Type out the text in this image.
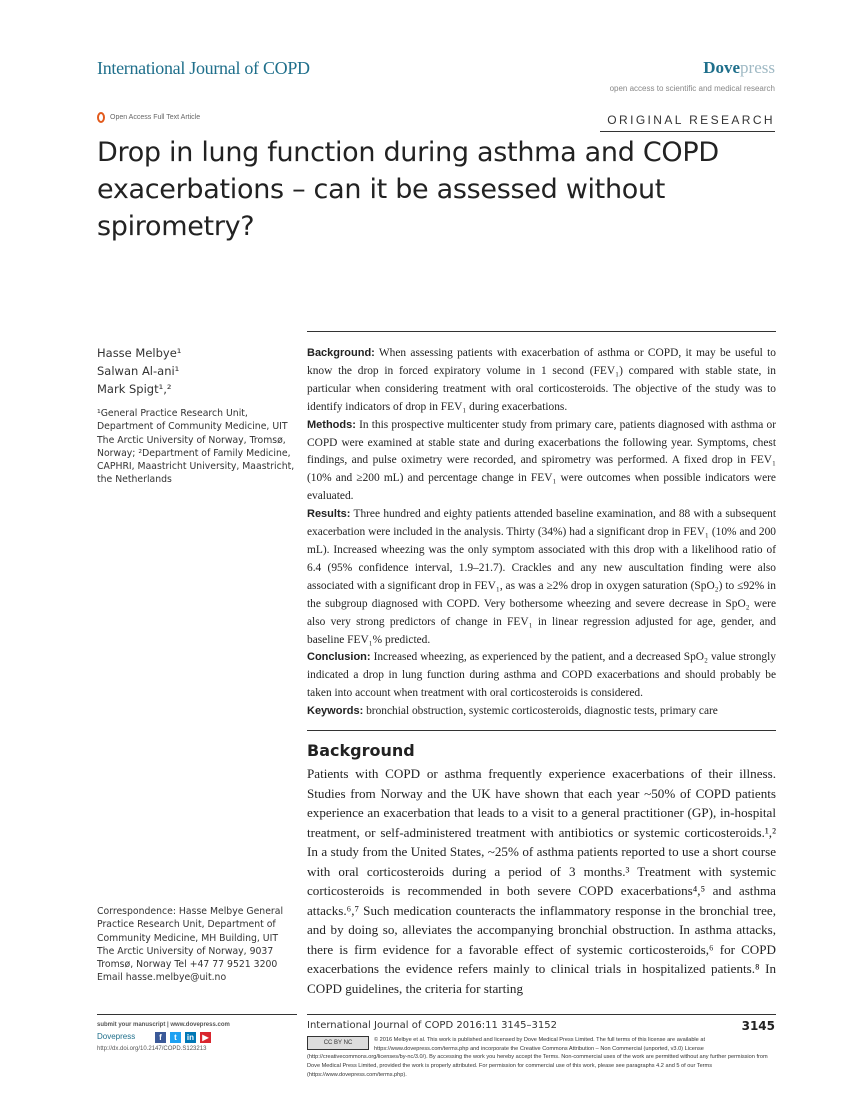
International Journal of COPD	Dovepress
open access to scientific and medical research
Open Access Full Text Article	ORIGINAL RESEARCH
Drop in lung function during asthma and COPD exacerbations – can it be assessed without spirometry?
Hasse Melbye¹
Salwan Al-ani¹
Mark Spigt¹,²
¹General Practice Research Unit, Department of Community Medicine, UIT The Arctic University of Norway, Tromsø, Norway; ²Department of Family Medicine, CAPHRI, Maastricht University, Maastricht, the Netherlands

Background: When assessing patients with exacerbation of asthma or COPD, it may be useful to know the drop in forced expiratory volume in 1 second (FEV₁) compared with stable state, in particular when considering treatment with oral corticosteroids. The objective of the study was to identify indicators of drop in FEV₁ during exacerbations.

Methods: In this prospective multicenter study from primary care, patients diagnosed with asthma or COPD were examined at stable state and during exacerbations the following year. Symptoms, chest findings, and pulse oximetry were recorded, and spirometry was performed. A fixed drop in FEV₁ (10% and ≥200 mL) and percentage change in FEV₁ were outcomes when possible indicators were evaluated.

Results: Three hundred and eighty patients attended baseline examination, and 88 with a subsequent exacerbation were included in the analysis. Thirty (34%) had a significant drop in FEV₁ (10% and 200 mL). Increased wheezing was the only symptom associated with this drop with a likelihood ratio of 6.4 (95% confidence interval, 1.9–21.7). Crackles and any new auscultation finding were also associated with a significant drop in FEV₁, as was a ≥2% drop in oxygen saturation (SpO₂) to ≤92% in the subgroup diagnosed with COPD. Very bothersome wheezing and severe decrease in SpO₂ were also very strong predictors of change in FEV₁ in linear regression adjusted for age, gender, and baseline FEV₁% predicted.

Conclusion: Increased wheezing, as experienced by the patient, and a decreased SpO₂ value strongly indicated a drop in lung function during asthma and COPD exacerbations and should probably be taken into account when treatment with oral corticosteroids is considered.

Keywords: bronchial obstruction, systemic corticosteroids, diagnostic tests, primary care

Background
Patients with COPD or asthma frequently experience exacerbations of their illness. Studies from Norway and the UK have shown that each year ~50% of COPD patients experience an exacerbation that leads to a visit to a general practitioner (GP), in-hospital treatment, or self-administered treatment with antibiotics or systemic corticosteroids.¹,² In a study from the United States, ~25% of asthma patients reported to use a short course with oral corticosteroids during a period of 3 months.³ Treatment with systemic corticosteroids is recommended in both severe COPD exacerbations⁴,⁵ and asthma attacks.⁶,⁷ Such medication counteracts the inflammatory response in the bronchial tree, and by doing so, alleviates the accompanying bronchial obstruction. In asthma attacks, there is firm evidence for a favorable effect of systemic corticosteroids,⁶ for COPD exacerbations the evidence refers mainly to clinical trials in hospitalized patients.⁸ In COPD guidelines, the criteria for starting
Correspondence: Hasse Melbye General Practice Research Unit, Department of Community Medicine, MH Building, UIT The Arctic University of Norway, 9037 Tromsø, Norway Tel +47 77 9521 3200 Email hasse.melbye@uit.no
submit your manuscript | www.dovepress.com
Dovepress	f	t	in	▶
http://dx.doi.org/10.2147/COPD.S123213
International Journal of COPD 2016:11 3145–3152	3145
CC BY NC	© 2016 Melbye et al. This work is published and licensed by Dove Medical Press Limited. The full terms of this license are available at https://www.dovepress.com/terms.php and incorporate the Creative Commons Attribution – Non Commercial (unported, v3.0) License (http://creativecommons.org/licenses/by-nc/3.0/). By accessing the work you hereby accept the Terms. Non-commercial uses of the work are permitted without any further permission from Dove Medical Press Limited, provided the work is properly attributed. For permission for commercial use of this work, please see paragraphs 4.2 and 5 of our Terms (https://www.dovepress.com/terms.php).
